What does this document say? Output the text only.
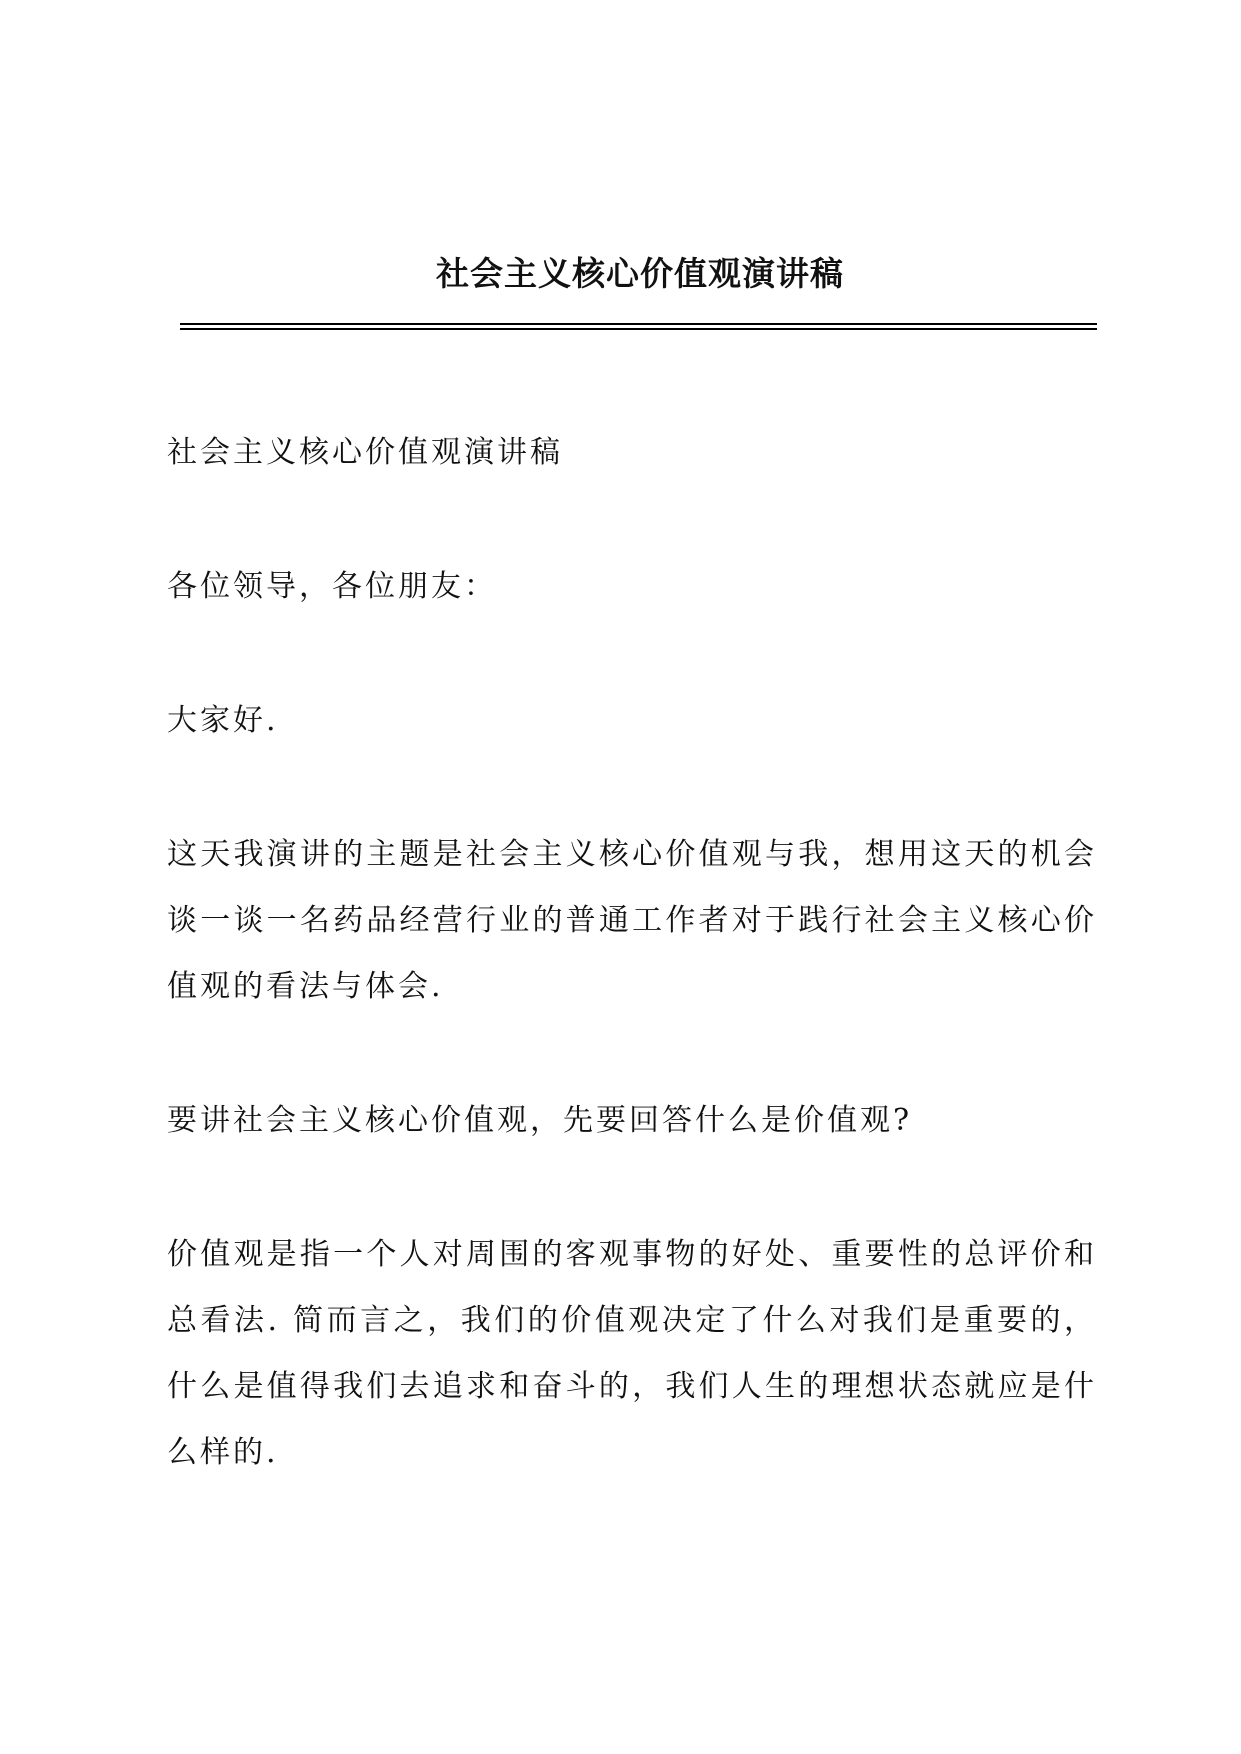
社会主义核心价值观演讲稿

社会主义核心价值观演讲稿

各位领导，各位朋友：

大家好.

这天我演讲的主题是社会主义核心价值观与我，想用这天的机会谈一谈一名药品经营行业的普通工作者对于践行社会主义核心价值观的看法与体会.

要讲社会主义核心价值观，先要回答什么是价值观?

价值观是指一个人对周围的客观事物的好处、重要性的总评价和总看法. 简而言之，我们的价值观决定了什么对我们是重要的，什么是值得我们去追求和奋斗的，我们人生的理想状态就应是什么样的.
